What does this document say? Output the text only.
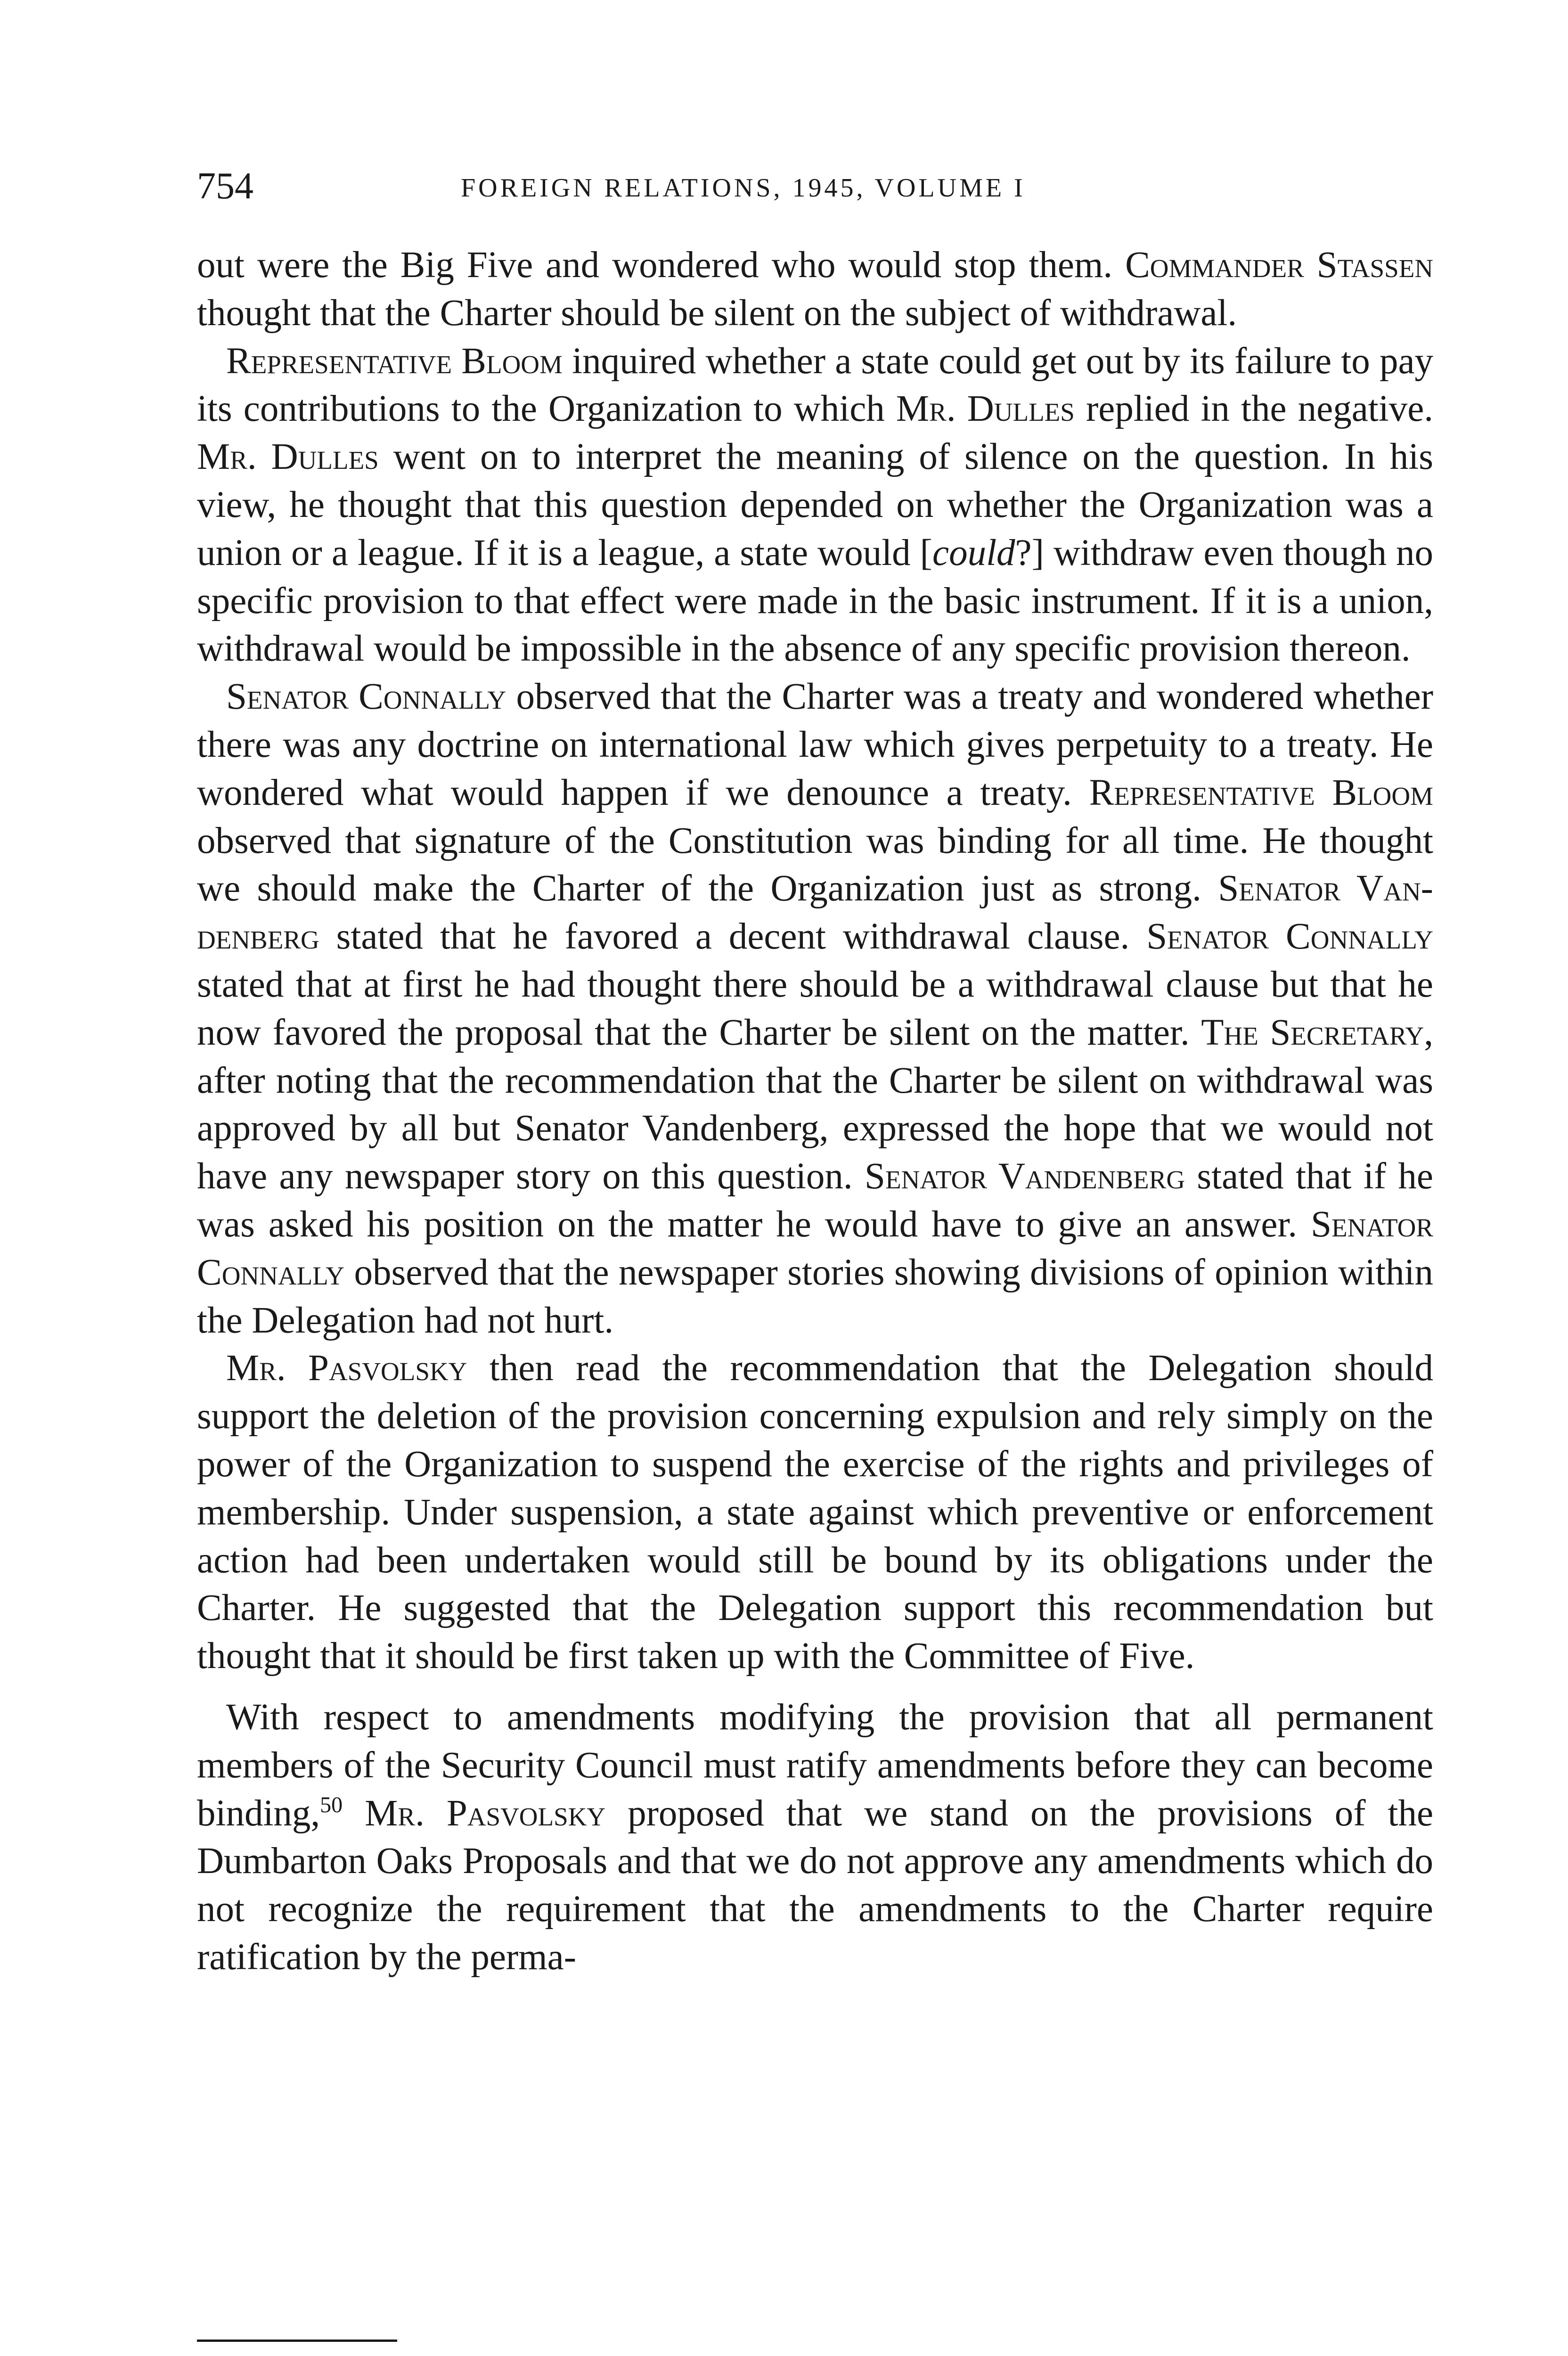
754	FOREIGN RELATIONS, 1945, VOLUME I

out were the Big Five and wondered who would stop them. Commander Stassen thought that the Charter should be silent on the subject of withdrawal.

Representative Bloom inquired whether a state could get out by its failure to pay its contributions to the Organization to which Mr. Dulles replied in the negative. Mr. Dulles went on to interpret the meaning of silence on the question. In his view, he thought that this question depended on whether the Organization was a union or a league. If it is a league, a state would [could?] withdraw even though no specific provision to that effect were made in the basic instrument. If it is a union, withdrawal would be impossible in the absence of any specific provision thereon.

Senator Connally observed that the Charter was a treaty and wondered whether there was any doctrine on international law which gives perpetuity to a treaty. He wondered what would happen if we denounce a treaty. Representative Bloom observed that signature of the Constitution was binding for all time. He thought we should make the Charter of the Organization just as strong. Senator Vandenberg stated that he favored a decent withdrawal clause. Senator Connally stated that at first he had thought there should be a withdrawal clause but that he now favored the proposal that the Charter be silent on the matter. The Secretary, after noting that the recommendation that the Charter be silent on withdrawal was approved by all but Senator Vandenberg, expressed the hope that we would not have any newspaper story on this question. Senator Vandenberg stated that if he was asked his position on the matter he would have to give an answer. Senator Connally observed that the newspaper stories showing divisions of opinion within the Delegation had not hurt.

Mr. Pasvolsky then read the recommendation that the Delegation should support the deletion of the provision concerning expulsion and rely simply on the power of the Organization to suspend the exercise of the rights and privileges of membership. Under suspension, a state against which preventive or enforcement action had been undertaken would still be bound by its obligations under the Charter. He suggested that the Delegation support this recommendation but thought that it should be first taken up with the Committee of Five.

With respect to amendments modifying the provision that all permanent members of the Security Council must ratify amendments before they can become binding,$^{50}$ Mr. Pasvolsky proposed that we stand on the provisions of the Dumbarton Oaks Proposals and that we do not approve any amendments which do not recognize the requirement that the amendments to the Charter require ratification by the perma-
